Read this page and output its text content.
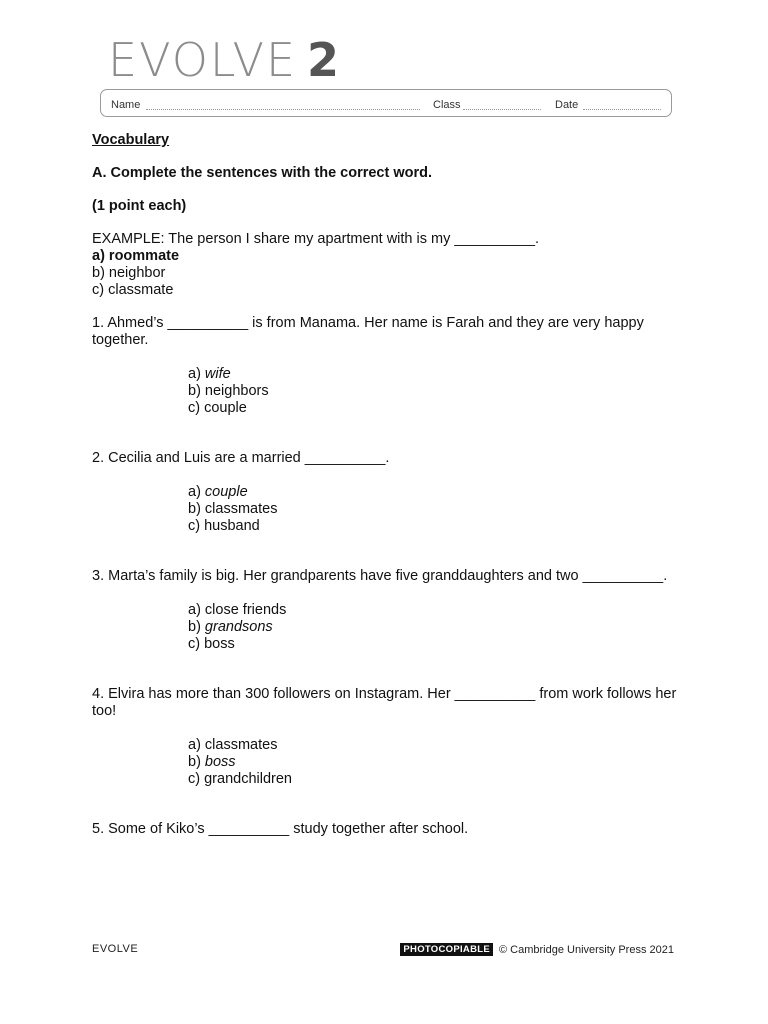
EVOLVE 2
Name	Class	Date

Vocabulary

A. Complete the sentences with the correct word.

(1 point each)

EXAMPLE: The person I share my apartment with is my __________.

a) roommate

b) neighbor

c) classmate

1. Ahmed’s __________ is from Manama. Her name is Farah and they are very happy together.

a) wife
b) neighbors
c) couple

2. Cecilia and Luis are a married __________.

a) couple
b) classmates
c) husband

3. Marta’s family is big. Her grandparents have five granddaughters and two __________.

a) close friends
b) grandsons
c) boss

4. Elvira has more than 300 followers on Instagram. Her __________ from work follows her too!

a) classmates
b) boss
c) grandchildren

5. Some of Kiko’s __________ study together after school.

EVOLVE	PHOTOCOPIABLE © Cambridge University Press 2021
